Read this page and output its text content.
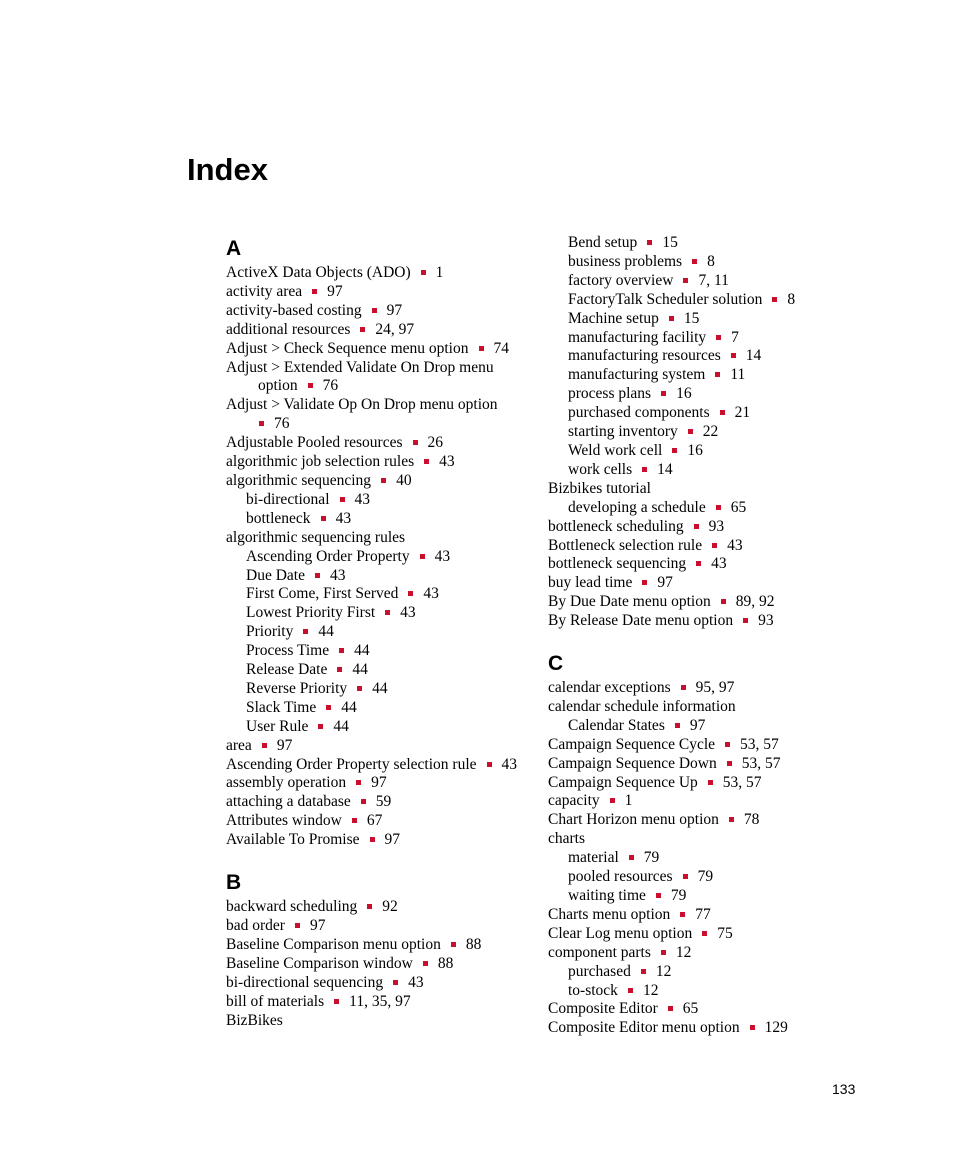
Index
A
ActiveX Data Objects (ADO) 1
activity area 97
activity-based costing 97
additional resources 24, 97
Adjust > Check Sequence menu option 74
Adjust > Extended Validate On Drop menu
option 76
Adjust > Validate Op On Drop menu option
76
Adjustable Pooled resources 26
algorithmic job selection rules 43
algorithmic sequencing 40
bi-directional 43
bottleneck 43
algorithmic sequencing rules
Ascending Order Property 43
Due Date 43
First Come, First Served 43
Lowest Priority First 43
Priority 44
Process Time 44
Release Date 44
Reverse Priority 44
Slack Time 44
User Rule 44
area 97
Ascending Order Property selection rule 43
assembly operation 97
attaching a database 59
Attributes window 67
Available To Promise 97
B
backward scheduling 92
bad order 97
Baseline Comparison menu option 88
Baseline Comparison window 88
bi-directional sequencing 43
bill of materials 11, 35, 97
BizBikes
Bend setup 15
business problems 8
factory overview 7, 11
FactoryTalk Scheduler solution 8
Machine setup 15
manufacturing facility 7
manufacturing resources 14
manufacturing system 11
process plans 16
purchased components 21
starting inventory 22
Weld work cell 16
work cells 14
Bizbikes tutorial
developing a schedule 65
bottleneck scheduling 93
Bottleneck selection rule 43
bottleneck sequencing 43
buy lead time 97
By Due Date menu option 89, 92
By Release Date menu option 93
C
calendar exceptions 95, 97
calendar schedule information
Calendar States 97
Campaign Sequence Cycle 53, 57
Campaign Sequence Down 53, 57
Campaign Sequence Up 53, 57
capacity 1
Chart Horizon menu option 78
charts
material 79
pooled resources 79
waiting time 79
Charts menu option 77
Clear Log menu option 75
component parts 12
purchased 12
to-stock 12
Composite Editor 65
Composite Editor menu option 129
133
